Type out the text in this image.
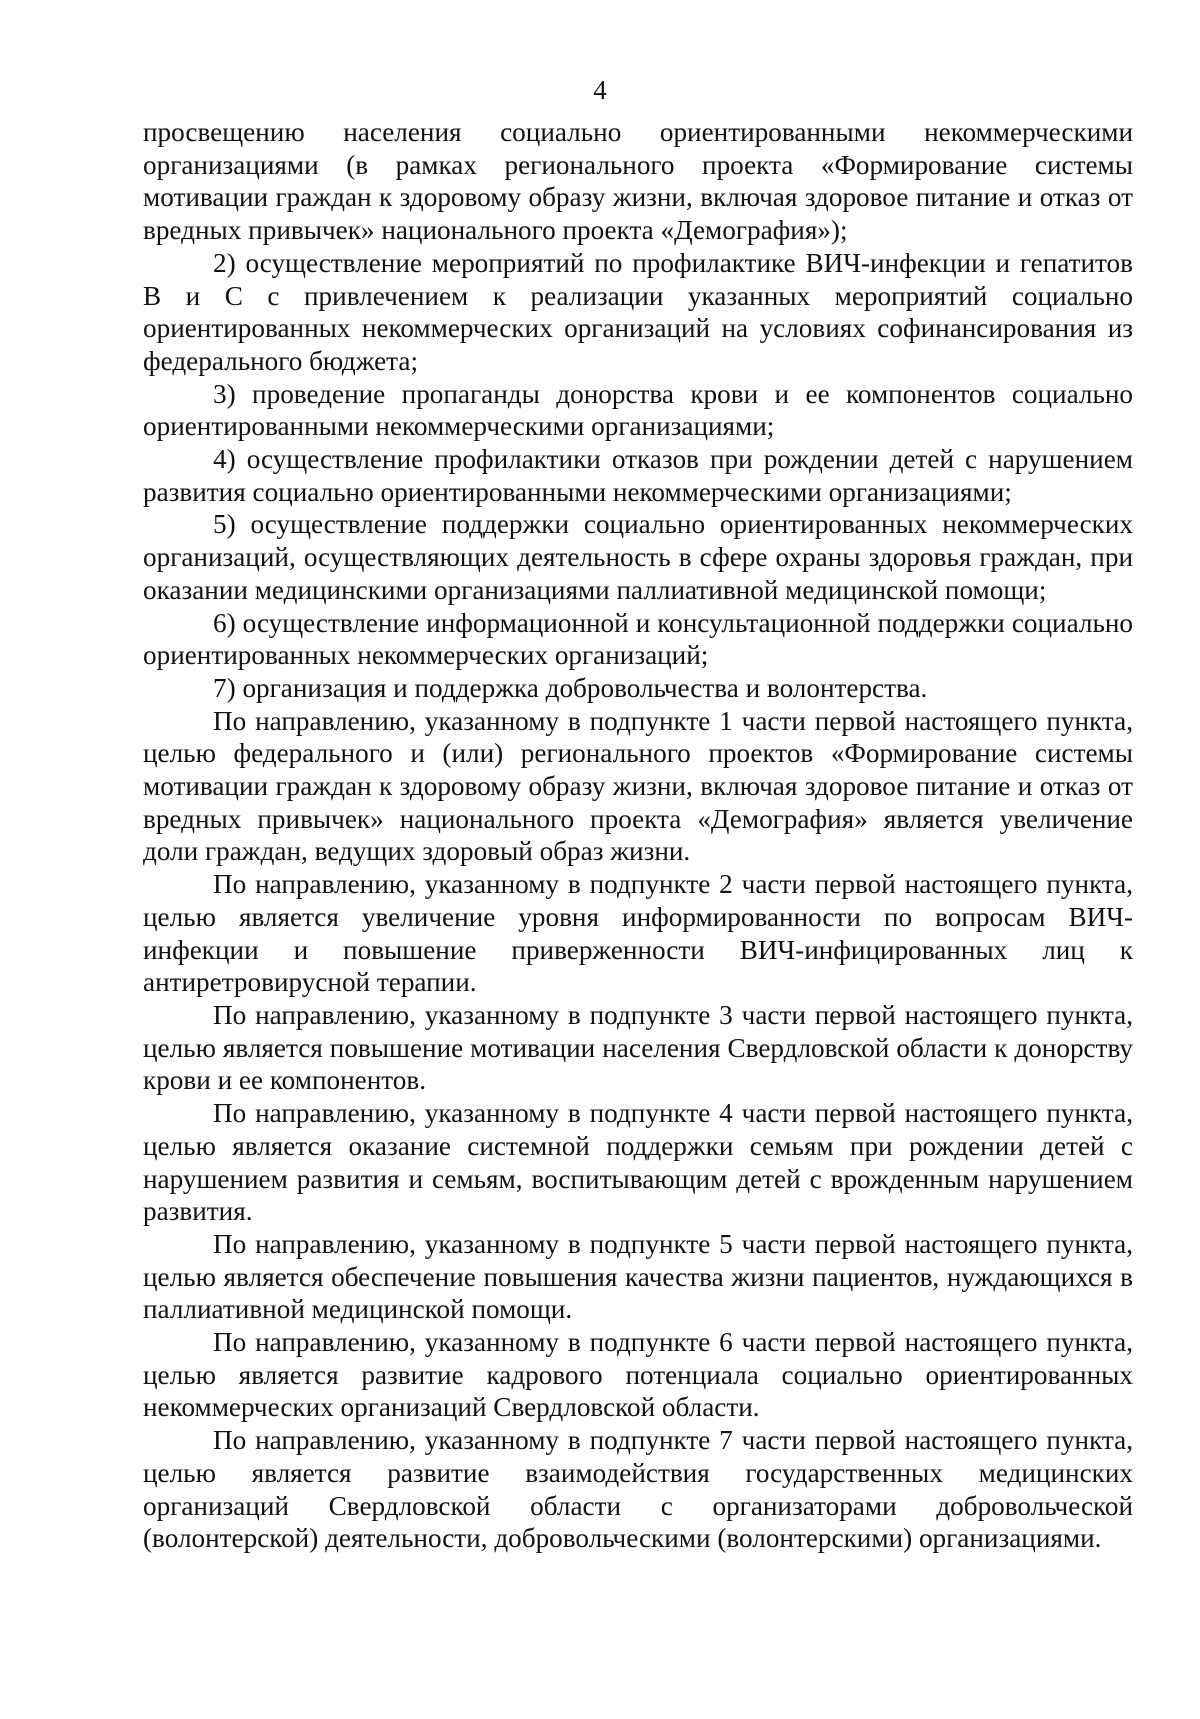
4

просвещению населения социально ориентированными некоммерческими организациями (в рамках регионального проекта «Формирование системы мотивации граждан к здоровому образу жизни, включая здоровое питание и отказ от вредных привычек» национального проекта «Демография»);

2) осуществление мероприятий по профилактике ВИЧ-инфекции и гепатитов В и С с привлечением к реализации указанных мероприятий социально ориентированных некоммерческих организаций на условиях софинансирования из федерального бюджета;

3) проведение пропаганды донорства крови и ее компонентов социально ориентированными некоммерческими организациями;

4) осуществление профилактики отказов при рождении детей с нарушением развития социально ориентированными некоммерческими организациями;

5) осуществление поддержки социально ориентированных некоммерческих организаций, осуществляющих деятельность в сфере охраны здоровья граждан, при оказании медицинскими организациями паллиативной медицинской помощи;

6) осуществление информационной и консультационной поддержки социально ориентированных некоммерческих организаций;

7) организация и поддержка добровольчества и волонтерства.

По направлению, указанному в подпункте 1 части первой настоящего пункта, целью федерального и (или) регионального проектов «Формирование системы мотивации граждан к здоровому образу жизни, включая здоровое питание и отказ от вредных привычек» национального проекта «Демография» является увеличение доли граждан, ведущих здоровый образ жизни.

По направлению, указанному в подпункте 2 части первой настоящего пункта, целью является увеличение уровня информированности по вопросам ВИЧ-инфекции и повышение приверженности ВИЧ-инфицированных лиц к антиретровирусной терапии.

По направлению, указанному в подпункте 3 части первой настоящего пункта, целью является повышение мотивации населения Свердловской области к донорству крови и ее компонентов.

По направлению, указанному в подпункте 4 части первой настоящего пункта, целью является оказание системной поддержки семьям при рождении детей с нарушением развития и семьям, воспитывающим детей с врожденным нарушением развития.

По направлению, указанному в подпункте 5 части первой настоящего пункта, целью является обеспечение повышения качества жизни пациентов, нуждающихся в паллиативной медицинской помощи.

По направлению, указанному в подпункте 6 части первой настоящего пункта, целью является развитие кадрового потенциала социально ориентированных некоммерческих организаций Свердловской области.

По направлению, указанному в подпункте 7 части первой настоящего пункта, целью является развитие взаимодействия государственных медицинских организаций Свердловской области с организаторами добровольческой (волонтерской) деятельности, добровольческими (волонтерскими) организациями.
